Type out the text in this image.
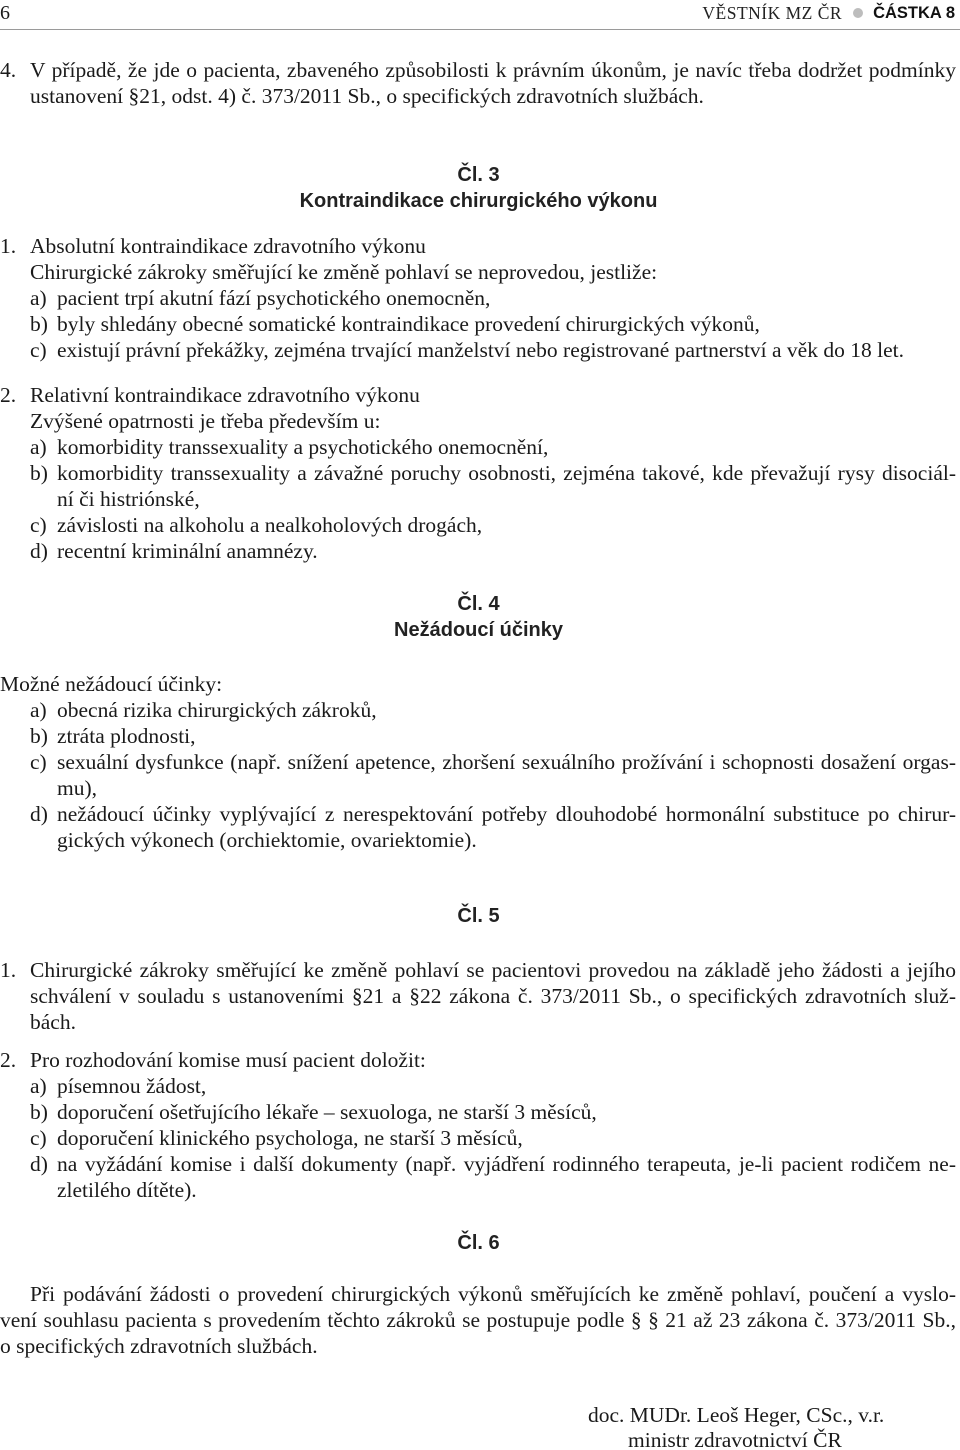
6	VĚSTNÍK MZ ČR ČÁSTKA 8
4. V případě, že jde o pacienta, zbaveného způsobilosti k právním úkonům, je navíc třeba dodržet podmínky
ustanovení §21, odst. 4) č. 373/2011 Sb., o specifických zdravotních službách.
Čl. 3
Kontraindikace chirurgického výkonu
1. Absolutní kontraindikace zdravotního výkonu
Chirurgické zákroky směřující ke změně pohlaví se neprovedou, jestliže:
a) pacient trpí akutní fází psychotického onemocněn,
b) byly shledány obecné somatické kontraindikace provedení chirurgických výkonů,
c) existují právní překážky, zejména trvající manželství nebo registrované partnerství a věk do 18 let.
2. Relativní kontraindikace zdravotního výkonu
Zvýšené opatrnosti je třeba především u:
a) komorbidity transsexuality a psychotického onemocnění,
b) komorbidity transsexuality a závažné poruchy osobnosti, zejména takové, kde převažují rysy disociál-
ní či histriónské,
c) závislosti na alkoholu a nealkoholových drogách,
d) recentní kriminální anamnézy.
Čl. 4
Nežádoucí účinky
Možné nežádoucí účinky:
a) obecná rizika chirurgických zákroků,
b) ztráta plodnosti,
c) sexuální dysfunkce (např. snížení apetence, zhoršení sexuálního prožívání i schopnosti dosažení orgas-
mu),
d) nežádoucí účinky vyplývající z nerespektování potřeby dlouhodobé hormonální substituce po chirur-
gických výkonech (orchiektomie, ovariektomie).
Čl. 5
1. Chirurgické zákroky směřující ke změně pohlaví se pacientovi provedou na základě jeho žádosti a jejího
schválení v souladu s ustanoveními §21 a §22 zákona č. 373/2011 Sb., o specifických zdravotních služ-
bách.
2. Pro rozhodování komise musí pacient doložit:
a) písemnou žádost,
b) doporučení ošetřujícího lékaře – sexuologa, ne starší 3 měsíců,
c) doporučení klinického psychologa, ne starší 3 měsíců,
d) na vyžádání komise i další dokumenty (např. vyjádření rodinného terapeuta, je-li pacient rodičem ne-
zletilého dítěte).
Čl. 6
Při podávání žádosti o provedení chirurgických výkonů směřujících ke změně pohlaví, poučení a vyslo-
vení souhlasu pacienta s provedením těchto zákroků se postupuje podle § § 21 až 23 zákona č. 373/2011 Sb.,
o specifických zdravotních službách.
doc. MUDr. Leoš Heger, CSc., v.r.
ministr zdravotnictví ČR
